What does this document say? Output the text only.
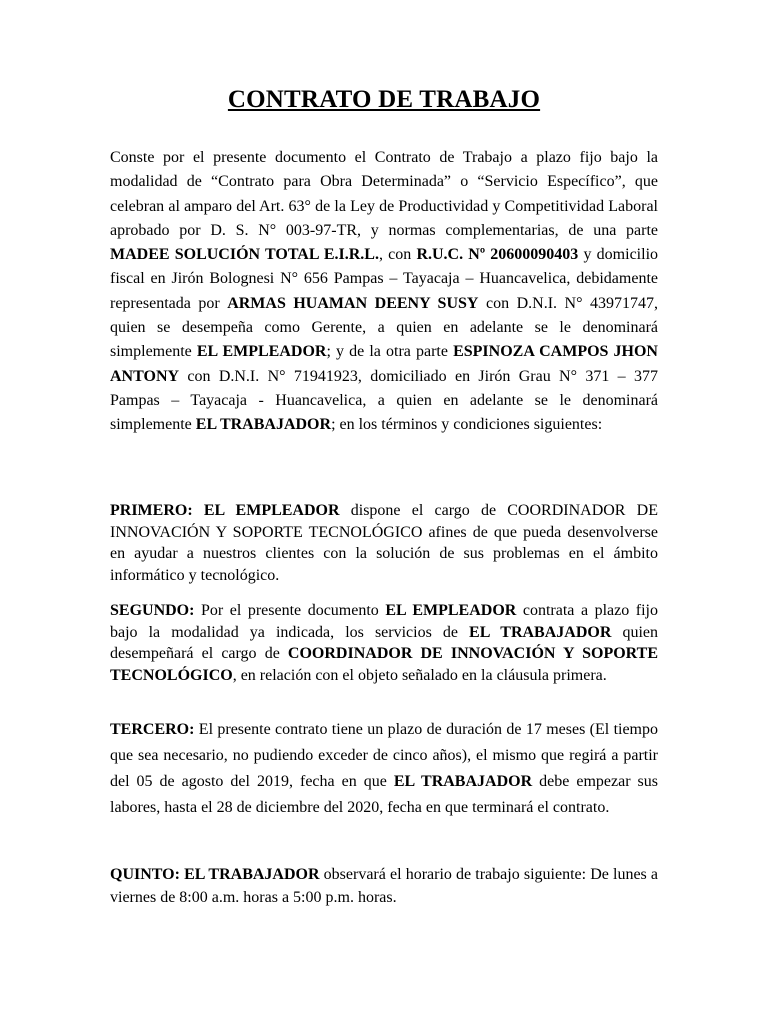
CONTRATO DE TRABAJO

Conste por el presente documento el Contrato de Trabajo a plazo fijo bajo la modalidad de “Contrato para Obra Determinada” o “Servicio Específico”, que celebran al amparo del Art. 63° de la Ley de Productividad y Competitividad Laboral aprobado por D. S. N° 003-97-TR, y normas complementarias, de una parte MADEE SOLUCIÓN TOTAL E.I.R.L., con R.U.C. Nº 20600090403 y domicilio fiscal en Jirón Bolognesi N° 656 Pampas – Tayacaja – Huancavelica, debidamente representada por ARMAS HUAMAN DEENY SUSY con D.N.I. N° 43971747, quien se desempeña como Gerente, a quien en adelante se le denominará simplemente EL EMPLEADOR; y de la otra parte ESPINOZA CAMPOS JHON ANTONY con D.N.I. N° 71941923, domiciliado en Jirón Grau N° 371 – 377 Pampas – Tayacaja - Huancavelica, a quien en adelante se le denominará simplemente EL TRABAJADOR; en los términos y condiciones siguientes:

PRIMERO: EL EMPLEADOR dispone el cargo de COORDINADOR DE INNOVACIÓN Y SOPORTE TECNOLÓGICO afines de que pueda desenvolverse en ayudar a nuestros clientes con la solución de sus problemas en el ámbito informático y tecnológico.

SEGUNDO: Por el presente documento EL EMPLEADOR contrata a plazo fijo bajo la modalidad ya indicada, los servicios de EL TRABAJADOR quien desempeñará el cargo de COORDINADOR DE INNOVACIÓN Y SOPORTE TECNOLÓGICO, en relación con el objeto señalado en la cláusula primera.

TERCERO: El presente contrato tiene un plazo de duración de 17 meses (El tiempo que sea necesario, no pudiendo exceder de cinco años), el mismo que regirá a partir del 05 de agosto del 2019, fecha en que EL TRABAJADOR debe empezar sus labores, hasta el 28 de diciembre del 2020, fecha en que terminará el contrato.

QUINTO: EL TRABAJADOR observará el horario de trabajo siguiente: De lunes a viernes de 8:00 a.m. horas a 5:00 p.m. horas.
